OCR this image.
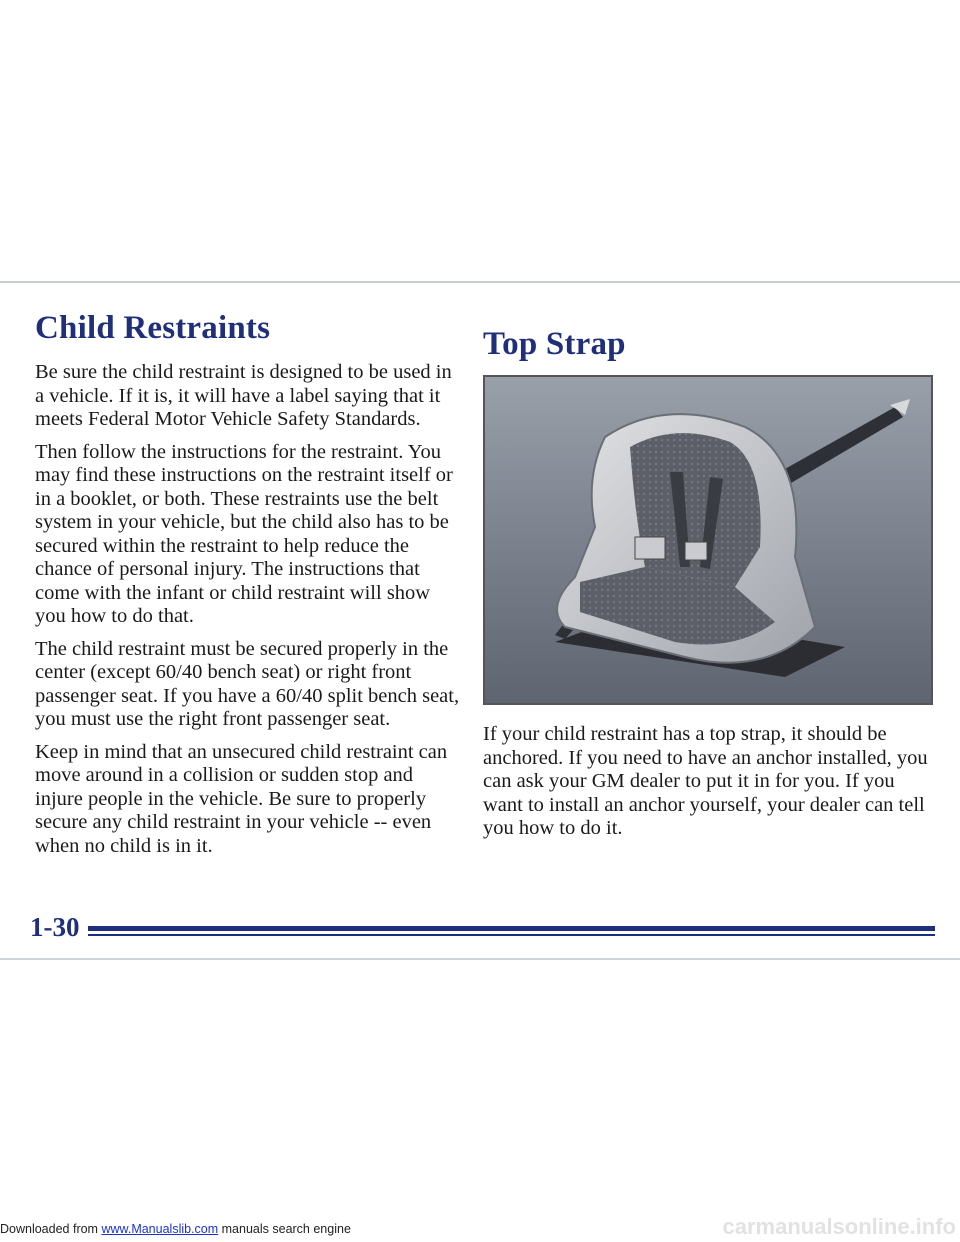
Child Restraints

Be sure the child restraint is designed to be used in a vehicle. If it is, it will have a label saying that it meets Federal Motor Vehicle Safety Standards.

Then follow the instructions for the restraint. You may find these instructions on the restraint itself or in a booklet, or both. These restraints use the belt system in your vehicle, but the child also has to be secured within the restraint to help reduce the chance of personal injury. The instructions that come with the infant or child restraint will show you how to do that.

The child restraint must be secured properly in the center (except 60/40 bench seat) or right front passenger seat. If you have a 60/40 split bench seat, you must use the right front passenger seat.

Keep in mind that an unsecured child restraint can move around in a collision or sudden stop and injure people in the vehicle. Be sure to properly secure any child restraint in your vehicle -- even when no child is in it.

Top Strap

If your child restraint has a top strap, it should be anchored. If you need to have an anchor installed, you can ask your GM dealer to put it in for you. If you want to install an anchor yourself, your dealer can tell you how to do it.

1-30
Downloaded from www.Manualslib.com manuals search engine	carmanualsonline.info
